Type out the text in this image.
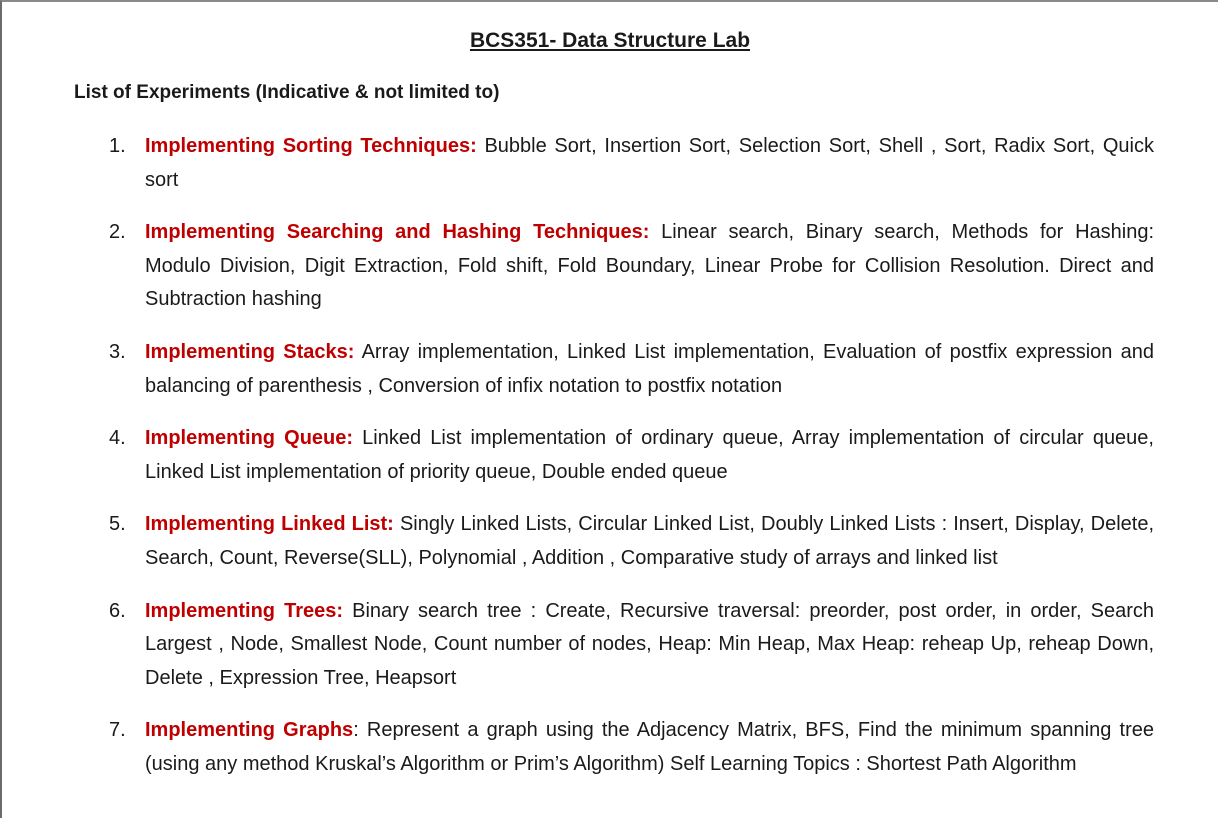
BCS351- Data Structure Lab
List of Experiments (Indicative & not limited to)
1. Implementing Sorting Techniques: Bubble Sort, Insertion Sort, Selection Sort, Shell , Sort, Radix Sort, Quick sort
2. Implementing Searching and Hashing Techniques: Linear search, Binary search, Methods for Hashing: Modulo Division, Digit Extraction, Fold shift, Fold Boundary, Linear Probe for Collision Resolution. Direct and Subtraction hashing
3. Implementing Stacks: Array implementation, Linked List implementation, Evaluation of postfix expression and balancing of parenthesis , Conversion of infix notation to postfix notation
4. Implementing Queue: Linked List implementation of ordinary queue, Array implementation of circular queue, Linked List implementation of priority queue, Double ended queue
5. Implementing Linked List: Singly Linked Lists, Circular Linked List, Doubly Linked Lists : Insert, Display, Delete, Search, Count, Reverse(SLL), Polynomial , Addition , Comparative study of arrays and linked list
6. Implementing Trees: Binary search tree : Create, Recursive traversal: preorder, post order, in order, Search Largest , Node, Smallest Node, Count number of nodes, Heap: Min Heap, Max Heap: reheap Up, reheap Down, Delete , Expression Tree, Heapsort
7. Implementing Graphs: Represent a graph using the Adjacency Matrix, BFS, Find the minimum spanning tree (using any method Kruskal’s Algorithm or Prim’s Algorithm) Self Learning Topics : Shortest Path Algorithm
